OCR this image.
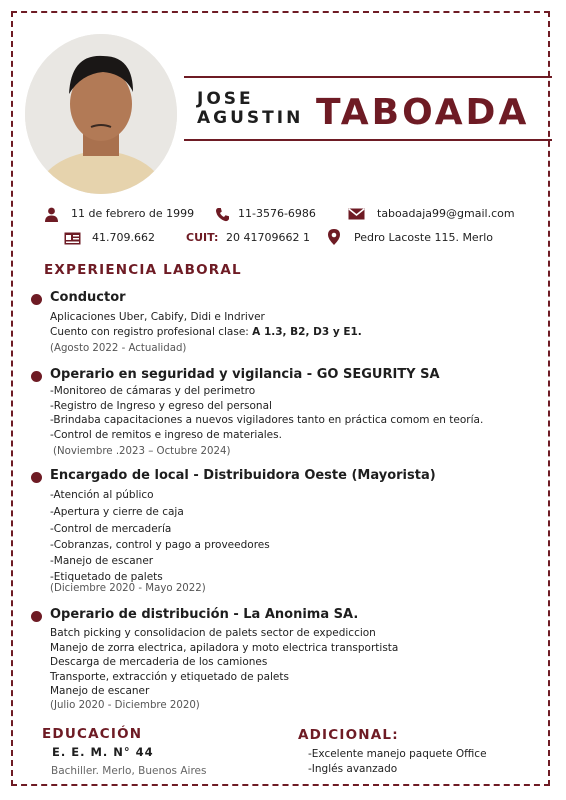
JOSE
AGUSTIN TABOADA
11 de febrero de 1999	11-3576-6986	taboadaja99@gmail.com
41.709.662	CUIT: 20 41709662 1	Pedro Lacoste 115. Merlo
EXPERIENCIA LABORAL
Conductor
Aplicaciones Uber, Cabify, Didi e Indriver
Cuento con registro profesional clase: A 1.3, B2, D3 y E1.
(Agosto 2022 - Actualidad)
Operario en seguridad y vigilancia - GO SEGURITY SA
-Monitoreo de cámaras y del perimetro
-Registro de Ingreso y egreso del personal
-Brindaba capacitaciones a nuevos vigiladores tanto en práctica comom en teoría.
-Control de remitos e ingreso de materiales.
(Noviembre .2023 – Octubre 2024)
Encargado de local - Distribuidora Oeste (Mayorista)
-Atención al público
-Apertura y cierre de caja
-Control de mercadería
-Cobranzas, control y pago a proveedores
-Manejo de escaner
-Etiquetado de palets
(Diciembre 2020 - Mayo 2022)
Operario de distribución - La Anonima SA.
Batch picking y consolidacion de palets sector de expediccion
Manejo de zorra electrica, apiladora y moto electrica transportista
Descarga de mercaderia de los camiones
Transporte, extracción y etiquetado de palets
Manejo de escaner
(Julio 2020 - Diciembre 2020)
EDUCACIÓN
E. E. M. N° 44
Bachiller. Merlo, Buenos Aires
ADICIONAL:
-Excelente manejo paquete Office
-Inglés avanzado
